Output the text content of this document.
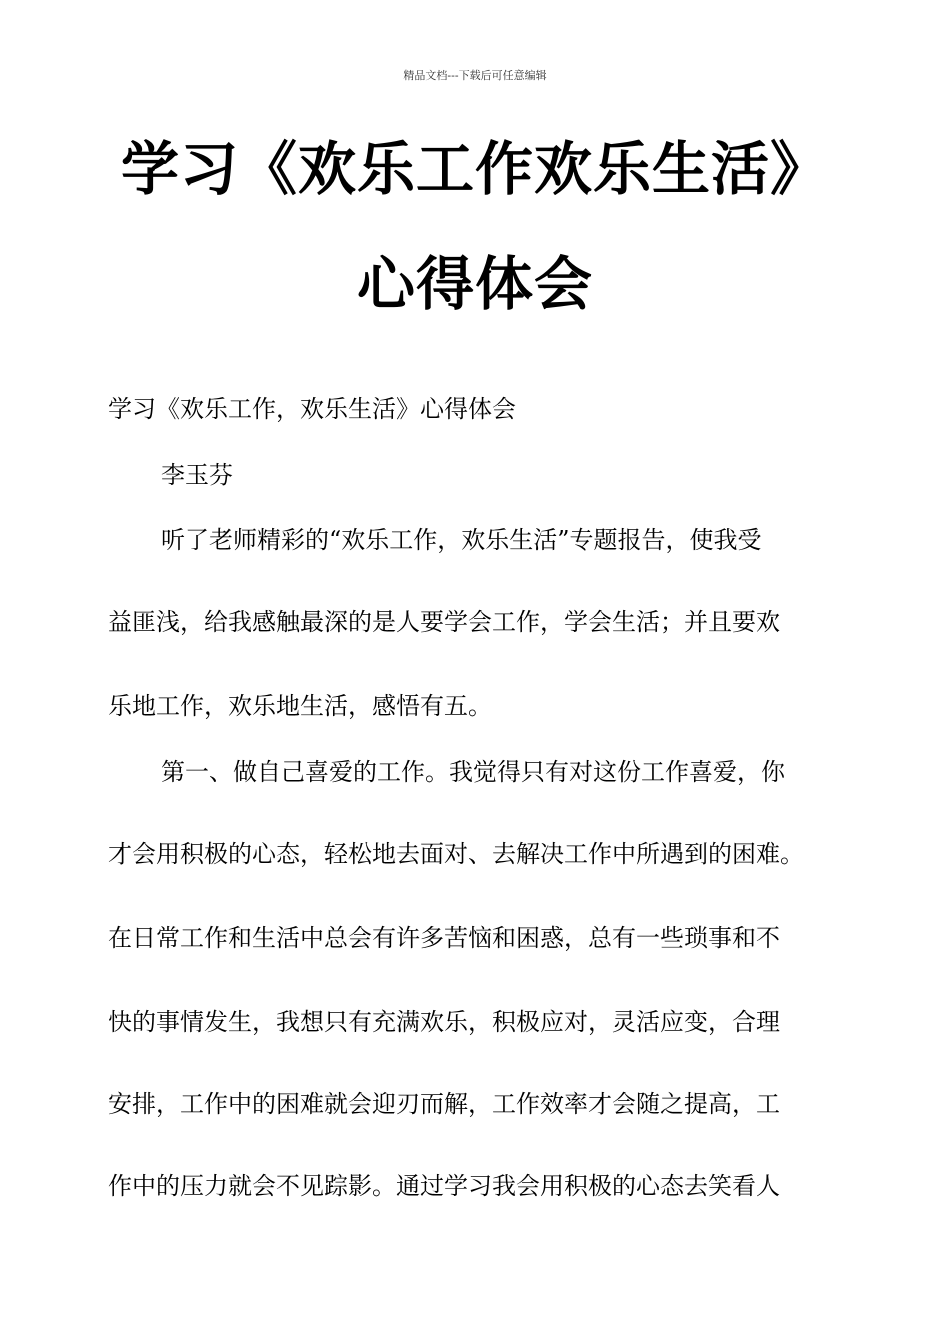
精品文档---下载后可任意编辑
学习《欢乐工作欢乐生活》
心得体会
学习《欢乐工作，欢乐生活》心得体会
李玉芬
听了老师精彩的“欢乐工作，欢乐生活”专题报告，使我受
益匪浅，给我感触最深的是人要学会工作，学会生活；并且要欢
乐地工作，欢乐地生活，感悟有五。
第一、做自己喜爱的工作。我觉得只有对这份工作喜爱，你
才会用积极的心态，轻松地去面对、去解决工作中所遇到的困难。
在日常工作和生活中总会有许多苦恼和困惑，总有一些琐事和不
快的事情发生，我想只有充满欢乐，积极应对，灵活应变，合理
安排，工作中的困难就会迎刃而解，工作效率才会随之提高，工
作中的压力就会不见踪影。通过学习我会用积极的心态去笑看人
